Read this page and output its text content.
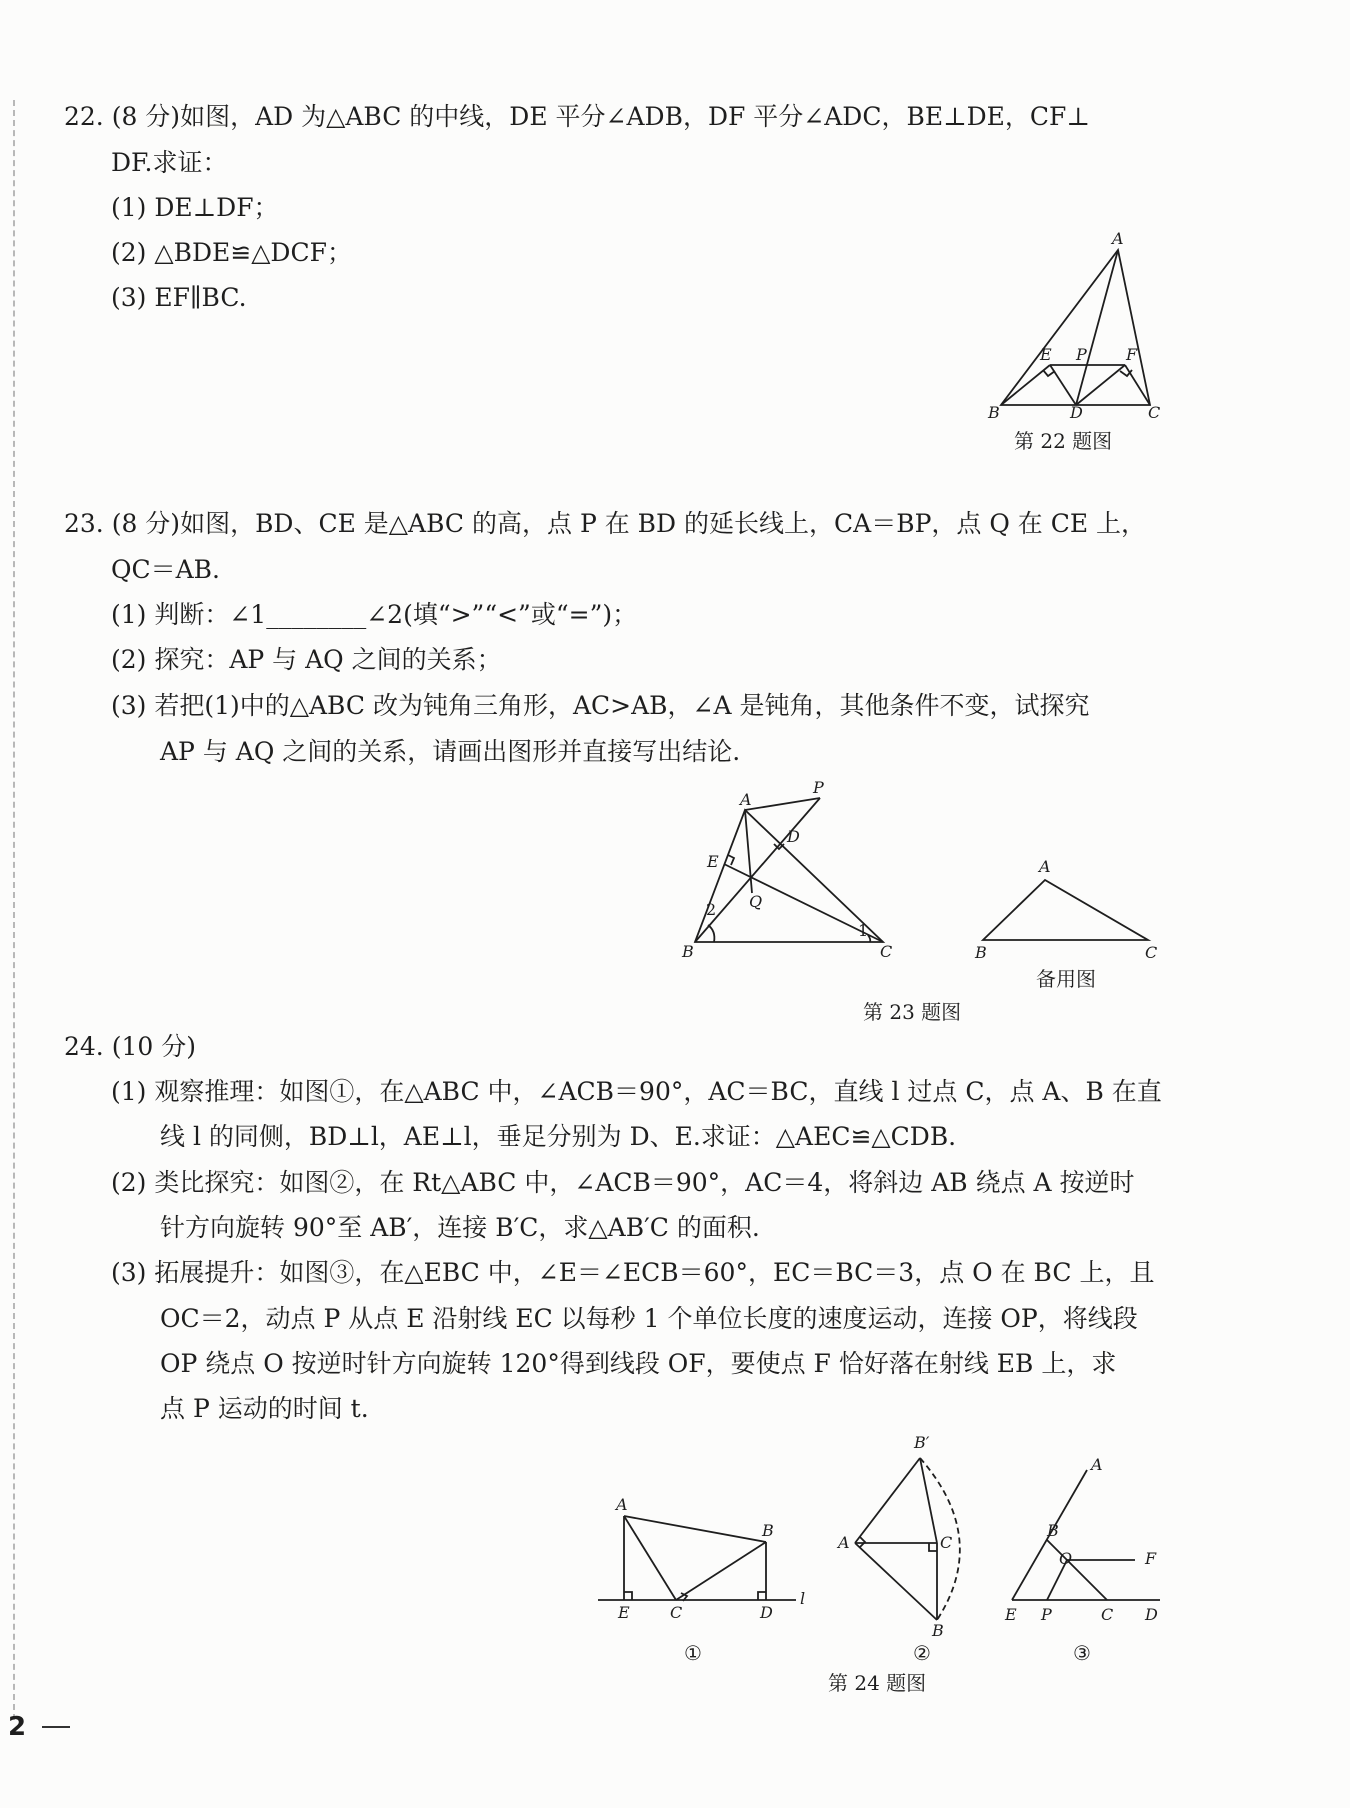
22. (8 分)如图，AD 为△ABC 的中线，DE 平分∠ADB，DF 平分∠ADC，BE⊥DE，CF⊥
DF.求证：
(1) DE⊥DF；
(2) △BDE≌△DCF；
(3) EF∥BC.
A
B	C
D
E	F
P
第 22 题图
23. (8 分)如图，BD、CE 是△ABC 的高，点 P 在 BD 的延长线上，CA＝BP，点 Q 在 CE 上，
QC＝AB.
(1) 判断：∠1________∠2(填“>”“<”或“=”)；
(2) 探究：AP 与 AQ 之间的关系；
(3) 若把(1)中的△ABC 改为钝角三角形，AC>AB，∠A 是钝角，其他条件不变，试探究
AP 与 AQ 之间的关系，请画出图形并直接写出结论.
A
B	C
D
E
P
Q
1
2
A
B	C
备用图
第 23 题图
24. (10 分)
(1) 观察推理：如图①，在△ABC 中，∠ACB＝90°，AC＝BC，直线 l 过点 C，点 A、B 在直
线 l 的同侧，BD⊥l，AE⊥l，垂足分别为 D、E.求证：△AEC≌△CDB.
(2) 类比探究：如图②，在 Rt△ABC 中，∠ACB＝90°，AC＝4，将斜边 AB 绕点 A 按逆时
针方向旋转 90°至 AB′，连接 B′C，求△AB′C 的面积.
(3) 拓展提升：如图③，在△EBC 中，∠E＝∠ECB＝60°，EC＝BC＝3，点 O 在 BC 上，且
OC＝2，动点 P 从点 E 沿射线 EC 以每秒 1 个单位长度的速度运动，连接 OP，将线段
OP 绕点 O 按逆时针方向旋转 120°得到线段 OF，要使点 F 恰好落在射线 EB 上，求
点 P 运动的时间 t.
A
B
C	D
E
l
①
B′
A	C
B
②
A
B
O	F
E P	C D
③
第 24 题图
2
